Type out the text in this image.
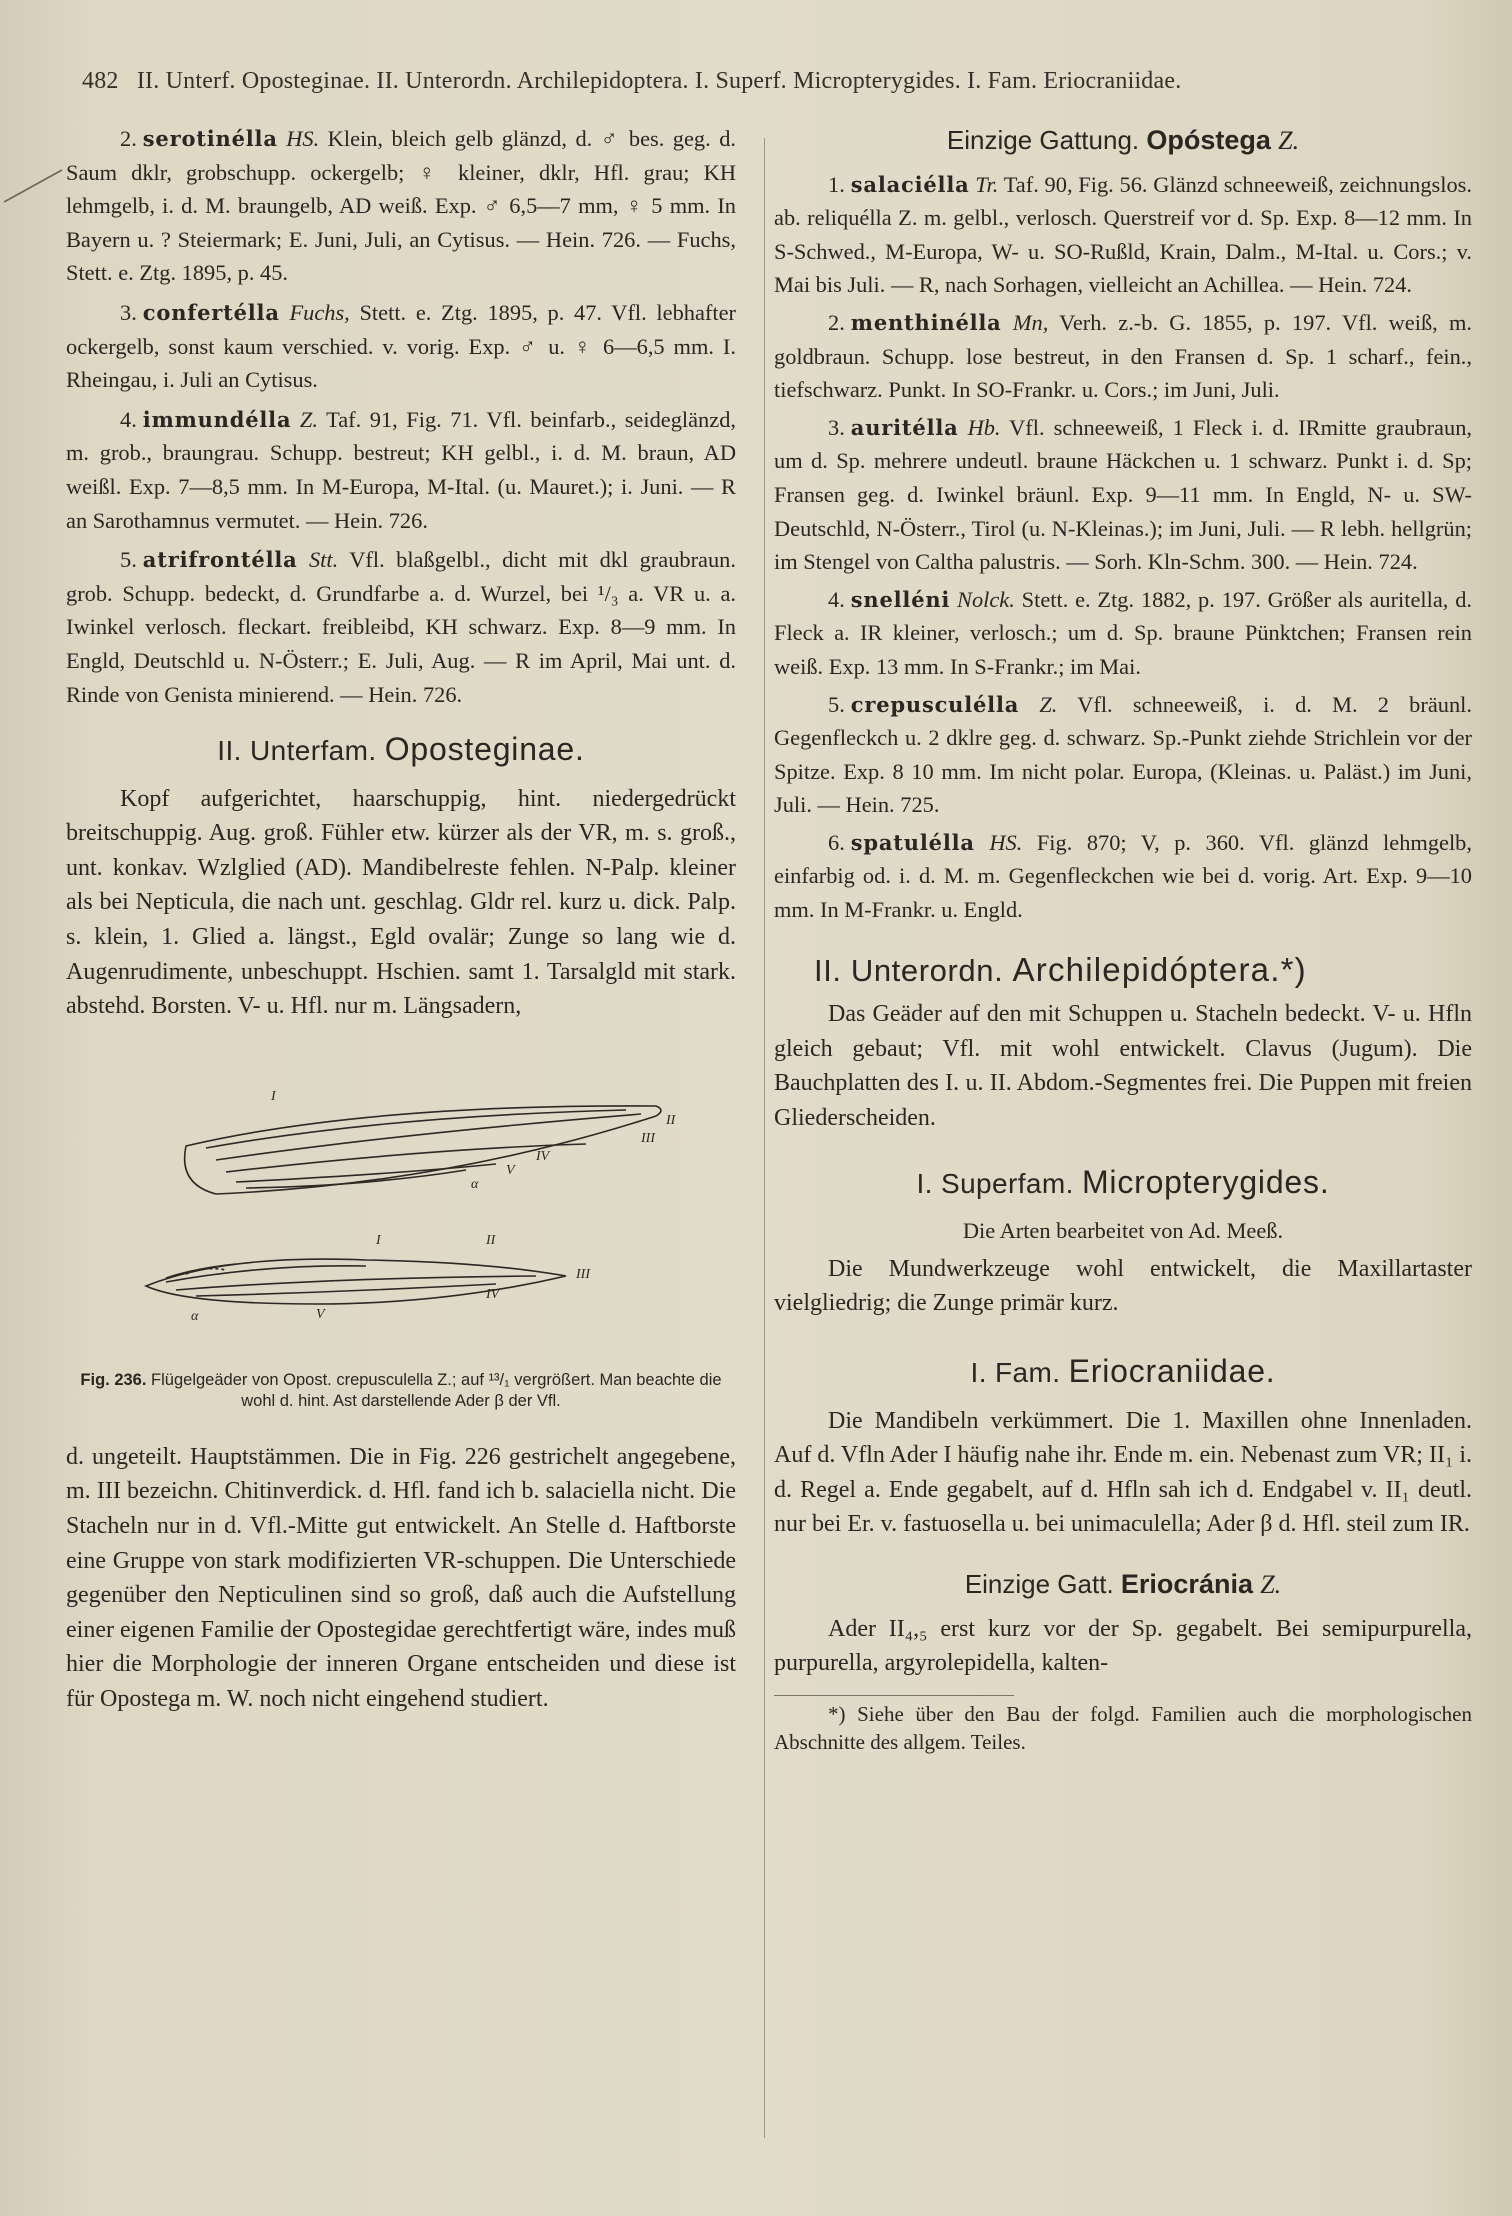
482 II. Unterf. Oposteginae. II. Unterordn. Archilepidoptera. I. Superf. Micropterygides. I. Fam. Eriocraniidae.

2. serotinélla HS. Klein, bleich gelb glänzd, d. ♂ bes. geg. d. Saum dklr, grobschupp. ockergelb; ♀ kleiner, dklr, Hfl. grau; KH lehmgelb, i. d. M. braungelb, AD weiß. Exp. ♂ 6,5—7 mm, ♀ 5 mm. In Bayern u. ? Steiermark; E. Juni, Juli, an Cytisus. — Hein. 726. — Fuchs, Stett. e. Ztg. 1895, p. 45.

3. confertélla Fuchs, Stett. e. Ztg. 1895, p. 47. Vfl. lebhafter ockergelb, sonst kaum verschied. v. vorig. Exp. ♂ u. ♀ 6—6,5 mm. I. Rheingau, i. Juli an Cytisus.

4. immundélla Z. Taf. 91, Fig. 71. Vfl. beinfarb., seideglänzd, m. grob., braungrau. Schupp. bestreut; KH gelbl., i. d. M. braun, AD weißl. Exp. 7—8,5 mm. In M-Europa, M-Ital. (u. Mauret.); i. Juni. — R an Sarothamnus vermutet. — Hein. 726.

5. atrifrontélla Stt. Vfl. blaßgelbl., dicht mit dkl graubraun. grob. Schupp. bedeckt, d. Grundfarbe a. d. Wurzel, bei ¹/₃ a. VR u. a. Iwinkel verlosch. fleckart. freibleibd, KH schwarz. Exp. 8—9 mm. In Engld, Deutschld u. N-Österr.; E. Juli, Aug. — R im April, Mai unt. d. Rinde von Genista minierend. — Hein. 726.

II. Unterfam. Oposteginae.

Kopf aufgerichtet, haarschuppig, hint. niedergedrückt breitschuppig. Aug. groß. Fühler etw. kürzer als der VR, m. s. groß., unt. konkav. Wzlglied (AD). Mandibelreste fehlen. N-Palp. kleiner als bei Nepticula, die nach unt. geschlag. Gldr rel. kurz u. dick. Palp. s. klein, 1. Glied a. längst., Egld ovalär; Zunge so lang wie d. Augenrudimente, unbeschuppt. Hschien. samt 1. Tarsalgld mit stark. abstehd. Borsten. V- u. Hfl. nur m. Längsadern,

I
II
III
IV
V
α
I	II
III
IV
V
α
Fig. 236. Flügelgeäder von Opost. crepusculella Z.; auf ¹³/₁ vergrößert. Man beachte die wohl d. hint. Ast darstellende Ader β der Vfl.

d. ungeteilt. Hauptstämmen. Die in Fig. 226 gestrichelt angegebene, m. III bezeichn. Chitinverdick. d. Hfl. fand ich b. salaciella nicht. Die Stacheln nur in d. Vfl.-Mitte gut entwickelt. An Stelle d. Haftborste eine Gruppe von stark modifizierten VR-schuppen. Die Unterschiede gegenüber den Nepticulinen sind so groß, daß auch die Aufstellung einer eigenen Familie der Opostegidae gerechtfertigt wäre, indes muß hier die Morphologie der inneren Organe entscheiden und diese ist für Opostega m. W. noch nicht eingehend studiert.

Einzige Gattung. Opóstega Z.

1. salaciélla Tr. Taf. 90, Fig. 56. Glänzd schneeweiß, zeichnungslos. ab. reliquélla Z. m. gelbl., verlosch. Querstreif vor d. Sp. Exp. 8—12 mm. In S-Schwed., M-Europa, W- u. SO-Rußld, Krain, Dalm., M-Ital. u. Cors.; v. Mai bis Juli. — R, nach Sorhagen, vielleicht an Achillea. — Hein. 724.

2. menthinélla Mn, Verh. z.-b. G. 1855, p. 197. Vfl. weiß, m. goldbraun. Schupp. lose bestreut, in den Fransen d. Sp. 1 scharf., fein., tiefschwarz. Punkt. In SO-Frankr. u. Cors.; im Juni, Juli.

3. auritélla Hb. Vfl. schneeweiß, 1 Fleck i. d. IRmitte graubraun, um d. Sp. mehrere undeutl. braune Häckchen u. 1 schwarz. Punkt i. d. Sp; Fransen geg. d. Iwinkel bräunl. Exp. 9—11 mm. In Engld, N- u. SW-Deutschld, N-Österr., Tirol (u. N-Kleinas.); im Juni, Juli. — R lebh. hellgrün; im Stengel von Caltha palustris. — Sorh. Kln-Schm. 300. — Hein. 724.

4. snelléni Nolck. Stett. e. Ztg. 1882, p. 197. Größer als auritella, d. Fleck a. IR kleiner, verlosch.; um d. Sp. braune Pünktchen; Fransen rein weiß. Exp. 13 mm. In S-Frankr.; im Mai.

5. crepusculélla Z. Vfl. schneeweiß, i. d. M. 2 bräunl. Gegenfleckch u. 2 dklre geg. d. schwarz. Sp.-Punkt ziehde Strichlein vor der Spitze. Exp. 8 10 mm. Im nicht polar. Europa, (Kleinas. u. Paläst.) im Juni, Juli. — Hein. 725.

6. spatulélla HS. Fig. 870; V, p. 360. Vfl. glänzd lehmgelb, einfarbig od. i. d. M. m. Gegenfleckchen wie bei d. vorig. Art. Exp. 9—10 mm. In M-Frankr. u. Engld.

II. Unterordn. Archilepidóptera.*)

Das Geäder auf den mit Schuppen u. Stacheln bedeckt. V- u. Hfln gleich gebaut; Vfl. mit wohl entwickelt. Clavus (Jugum). Die Bauchplatten des I. u. II. Abdom.-Segmentes frei. Die Puppen mit freien Gliederscheiden.

I. Superfam. Micropterygides.

Die Arten bearbeitet von Ad. Meeß.

Die Mundwerkzeuge wohl entwickelt, die Maxillartaster vielgliedrig; die Zunge primär kurz.

I. Fam. Eriocraniidae.

Die Mandibeln verkümmert. Die 1. Maxillen ohne Innenladen. Auf d. Vfln Ader I häufig nahe ihr. Ende m. ein. Nebenast zum VR; II₁ i. d. Regel a. Ende gegabelt, auf d. Hfln sah ich d. Endgabel v. II₁ deutl. nur bei Er. v. fastuosella u. bei unimaculella; Ader β d. Hfl. steil zum IR.

Einzige Gatt. Eriocránia Z.

Ader II₄,₅ erst kurz vor der Sp. gegabelt. Bei semipurpurella, purpurella, argyrolepidella, kalten-

*) Siehe über den Bau der folgd. Familien auch die morphologischen Abschnitte des allgem. Teiles.
